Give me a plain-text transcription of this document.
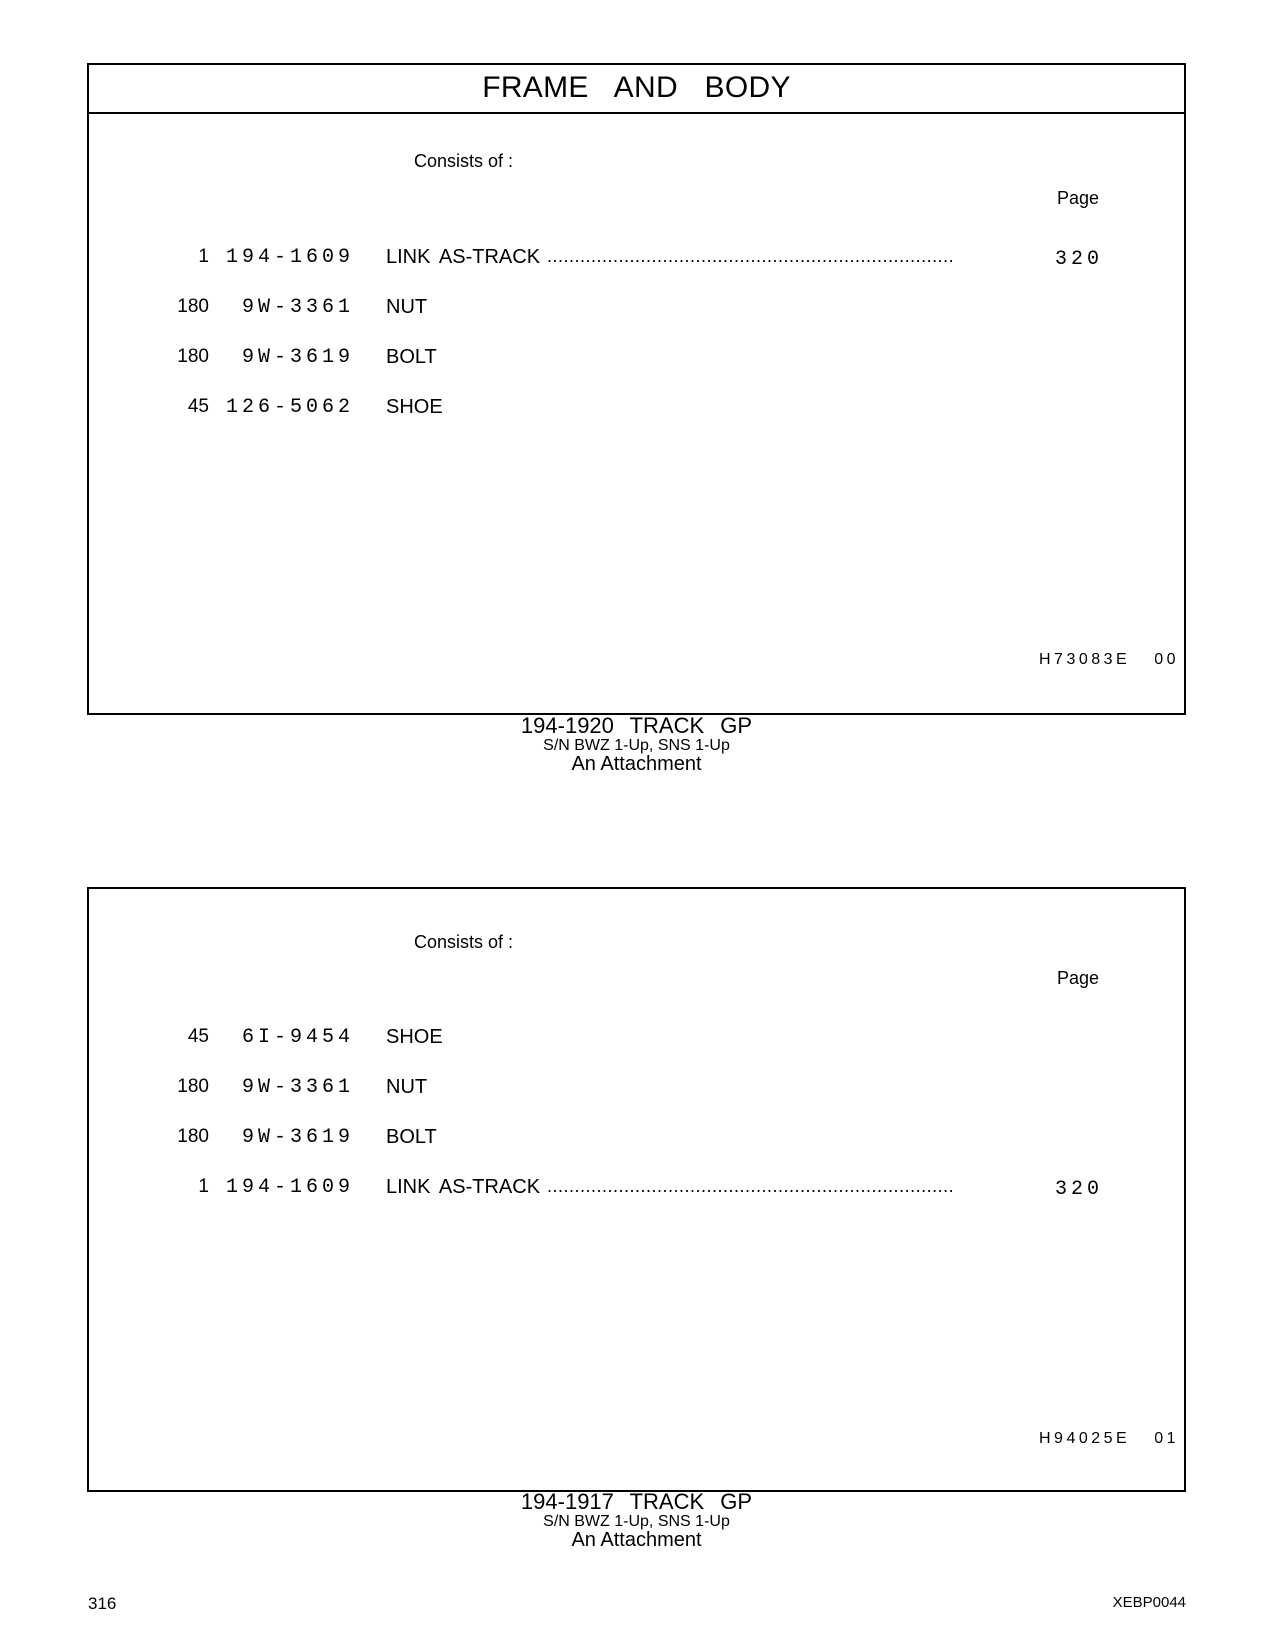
FRAME AND BODY
Consists of :
Page
1 194-1609 LINK AS-TRACK ..........................................................................	320
180 9W-3361 NUT
180 9W-3619 BOLT
45 126-5062 SHOE
H73083E 00
194-1920 TRACK GP
S/N BWZ 1-Up, SNS 1-Up
An Attachment
Consists of :
Page
45 6I-9454 SHOE
180 9W-3361 NUT
180 9W-3619 BOLT
1 194-1609 LINK AS-TRACK ..........................................................................	320
H94025E 01
194-1917 TRACK GP
S/N BWZ 1-Up, SNS 1-Up
An Attachment
316	XEBP0044
